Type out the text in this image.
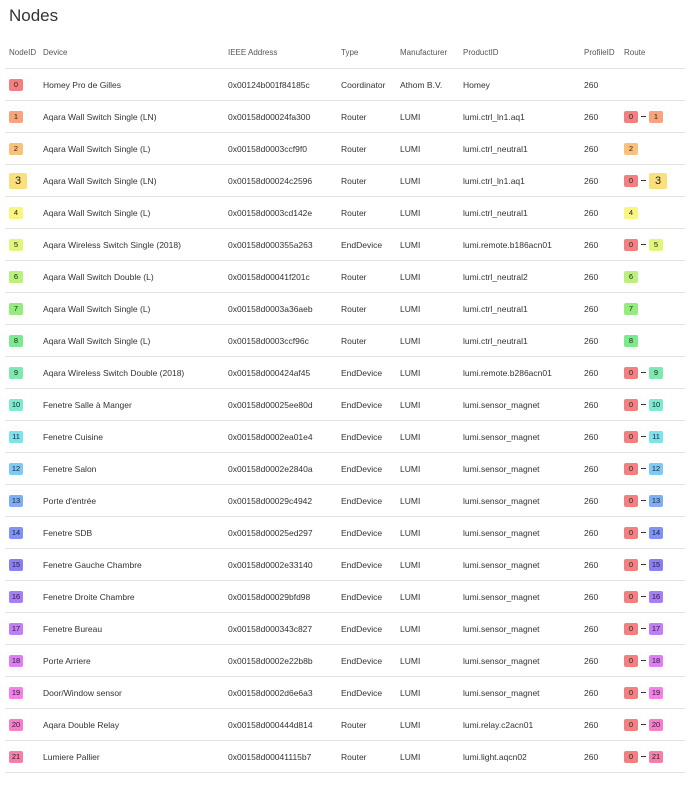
Nodes
NodeID	Device	IEEE Address	Type	Manufacturer	ProductID	ProfileID	Route
0	Homey Pro de Gilles	0x00124b001f84185c	Coordinator	Athom B.V.	Homey	260	
1	Aqara Wall Switch Single (LN)	0x00158d00024fa300	Router	LUMI	lumi.ctrl_ln1.aq1	260	0 1
2	Aqara Wall Switch Single (L)	0x00158d0003ccf9f0	Router	LUMI	lumi.ctrl_neutral1	260	2
3	Aqara Wall Switch Single (LN)	0x00158d00024c2596	Router	LUMI	lumi.ctrl_ln1.aq1	260	0 3
4	Aqara Wall Switch Single (L)	0x00158d0003cd142e	Router	LUMI	lumi.ctrl_neutral1	260	4
5	Aqara Wireless Switch Single (2018)	0x00158d000355a263	EndDevice	LUMI	lumi.remote.b186acn01	260	0 5
6	Aqara Wall Switch Double (L)	0x00158d00041f201c	Router	LUMI	lumi.ctrl_neutral2	260	6
7	Aqara Wall Switch Single (L)	0x00158d0003a36aeb	Router	LUMI	lumi.ctrl_neutral1	260	7
8	Aqara Wall Switch Single (L)	0x00158d0003ccf96c	Router	LUMI	lumi.ctrl_neutral1	260	8
9	Aqara Wireless Switch Double (2018)	0x00158d000424af45	EndDevice	LUMI	lumi.remote.b286acn01	260	0 9
10	Fenetre Salle à Manger	0x00158d00025ee80d	EndDevice	LUMI	lumi.sensor_magnet	260	0 10
11	Fenetre Cuisine	0x00158d0002ea01e4	EndDevice	LUMI	lumi.sensor_magnet	260	0 11
12	Fenetre Salon	0x00158d0002e2840a	EndDevice	LUMI	lumi.sensor_magnet	260	0 12
13	Porte d'entrée	0x00158d00029c4942	EndDevice	LUMI	lumi.sensor_magnet	260	0 13
14	Fenetre SDB	0x00158d00025ed297	EndDevice	LUMI	lumi.sensor_magnet	260	0 14
15	Fenetre Gauche Chambre	0x00158d0002e33140	EndDevice	LUMI	lumi.sensor_magnet	260	0 15
16	Fenetre Droite Chambre	0x00158d00029bfd98	EndDevice	LUMI	lumi.sensor_magnet	260	0 16
17	Fenetre Bureau	0x00158d000343c827	EndDevice	LUMI	lumi.sensor_magnet	260	0 17
18	Porte Arriere	0x00158d0002e22b8b	EndDevice	LUMI	lumi.sensor_magnet	260	0 18
19	Door/Window sensor	0x00158d0002d6e6a3	EndDevice	LUMI	lumi.sensor_magnet	260	0 19
20	Aqara Double Relay	0x00158d000444d814	Router	LUMI	lumi.relay.c2acn01	260	0 20
21	Lumiere Pallier	0x00158d00041115b7	Router	LUMI	lumi.light.aqcn02	260	0 21
